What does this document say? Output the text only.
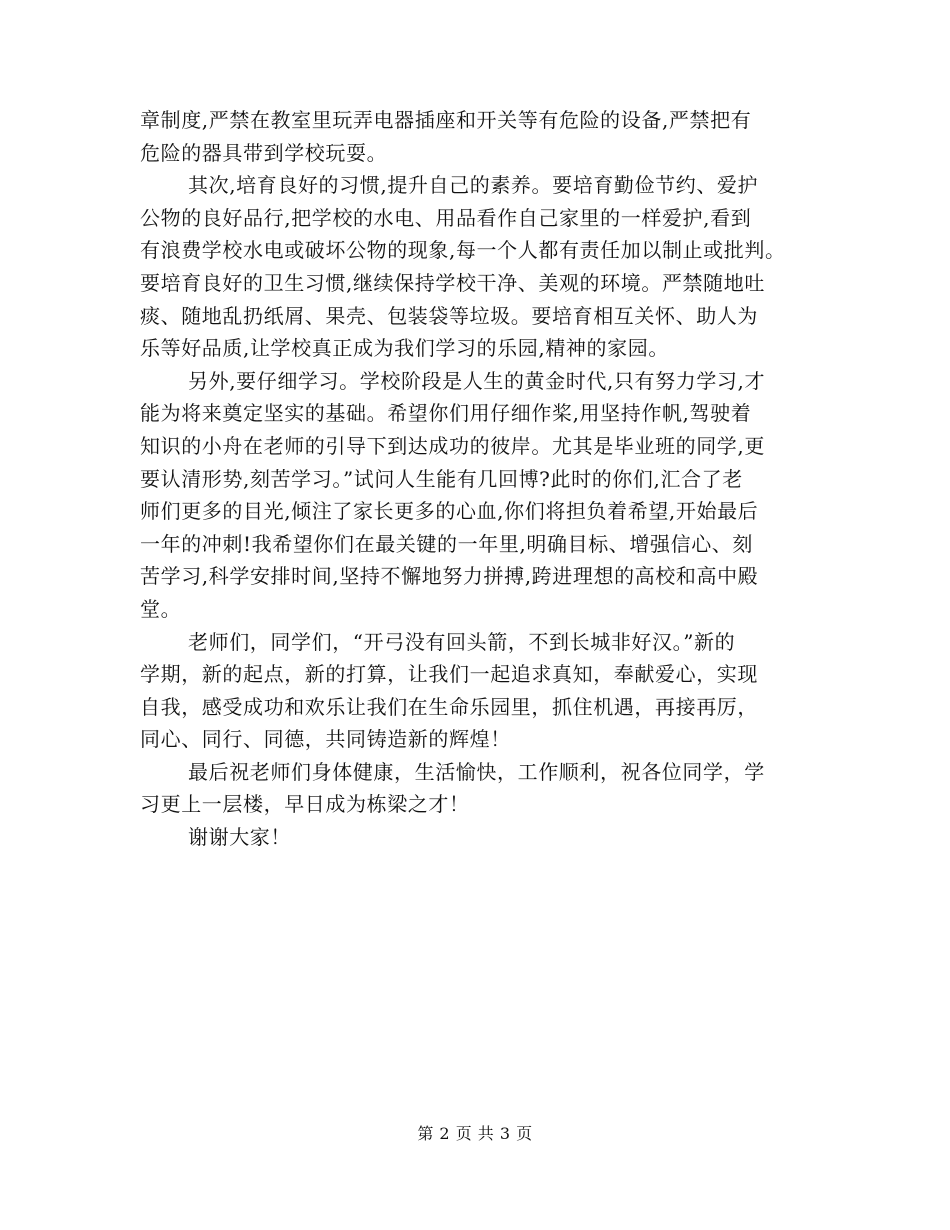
章制度,严禁在教室里玩弄电器插座和开关等有危险的设备,严禁把有
危险的器具带到学校玩耍。
其次,培育良好的习惯,提升自己的素养。要培育勤俭节约、爱护
公物的良好品行,把学校的水电、用品看作自己家里的一样爱护,看到
有浪费学校水电或破坏公物的现象,每一个人都有责任加以制止或批判。
要培育良好的卫生习惯,继续保持学校干净、美观的环境。严禁随地吐
痰、随地乱扔纸屑、果壳、包装袋等垃圾。要培育相互关怀、助人为
乐等好品质,让学校真正成为我们学习的乐园,精神的家园。
另外,要仔细学习。学校阶段是人生的黄金时代,只有努力学习,才
能为将来奠定坚实的基础。希望你们用仔细作桨,用坚持作帆,驾驶着
知识的小舟在老师的引导下到达成功的彼岸。尤其是毕业班的同学,更
要认清形势,刻苦学习。”试问人生能有几回博?此时的你们,汇合了老
师们更多的目光,倾注了家长更多的心血,你们将担负着希望,开始最后
一年的冲刺!我希望你们在最关键的一年里,明确目标、增强信心、刻
苦学习,科学安排时间,坚持不懈地努力拼搏,跨进理想的高校和高中殿
堂。
老师们，同学们，“开弓没有回头箭，不到长城非好汉。”新的
学期，新的起点，新的打算，让我们一起追求真知，奉献爱心，实现
自我，感受成功和欢乐让我们在生命乐园里，抓住机遇，再接再厉，
同心、同行、同德，共同铸造新的辉煌！
最后祝老师们身体健康，生活愉快，工作顺利，祝各位同学，学
习更上一层楼，早日成为栋梁之才！
谢谢大家！
第 2 页 共 3 页
